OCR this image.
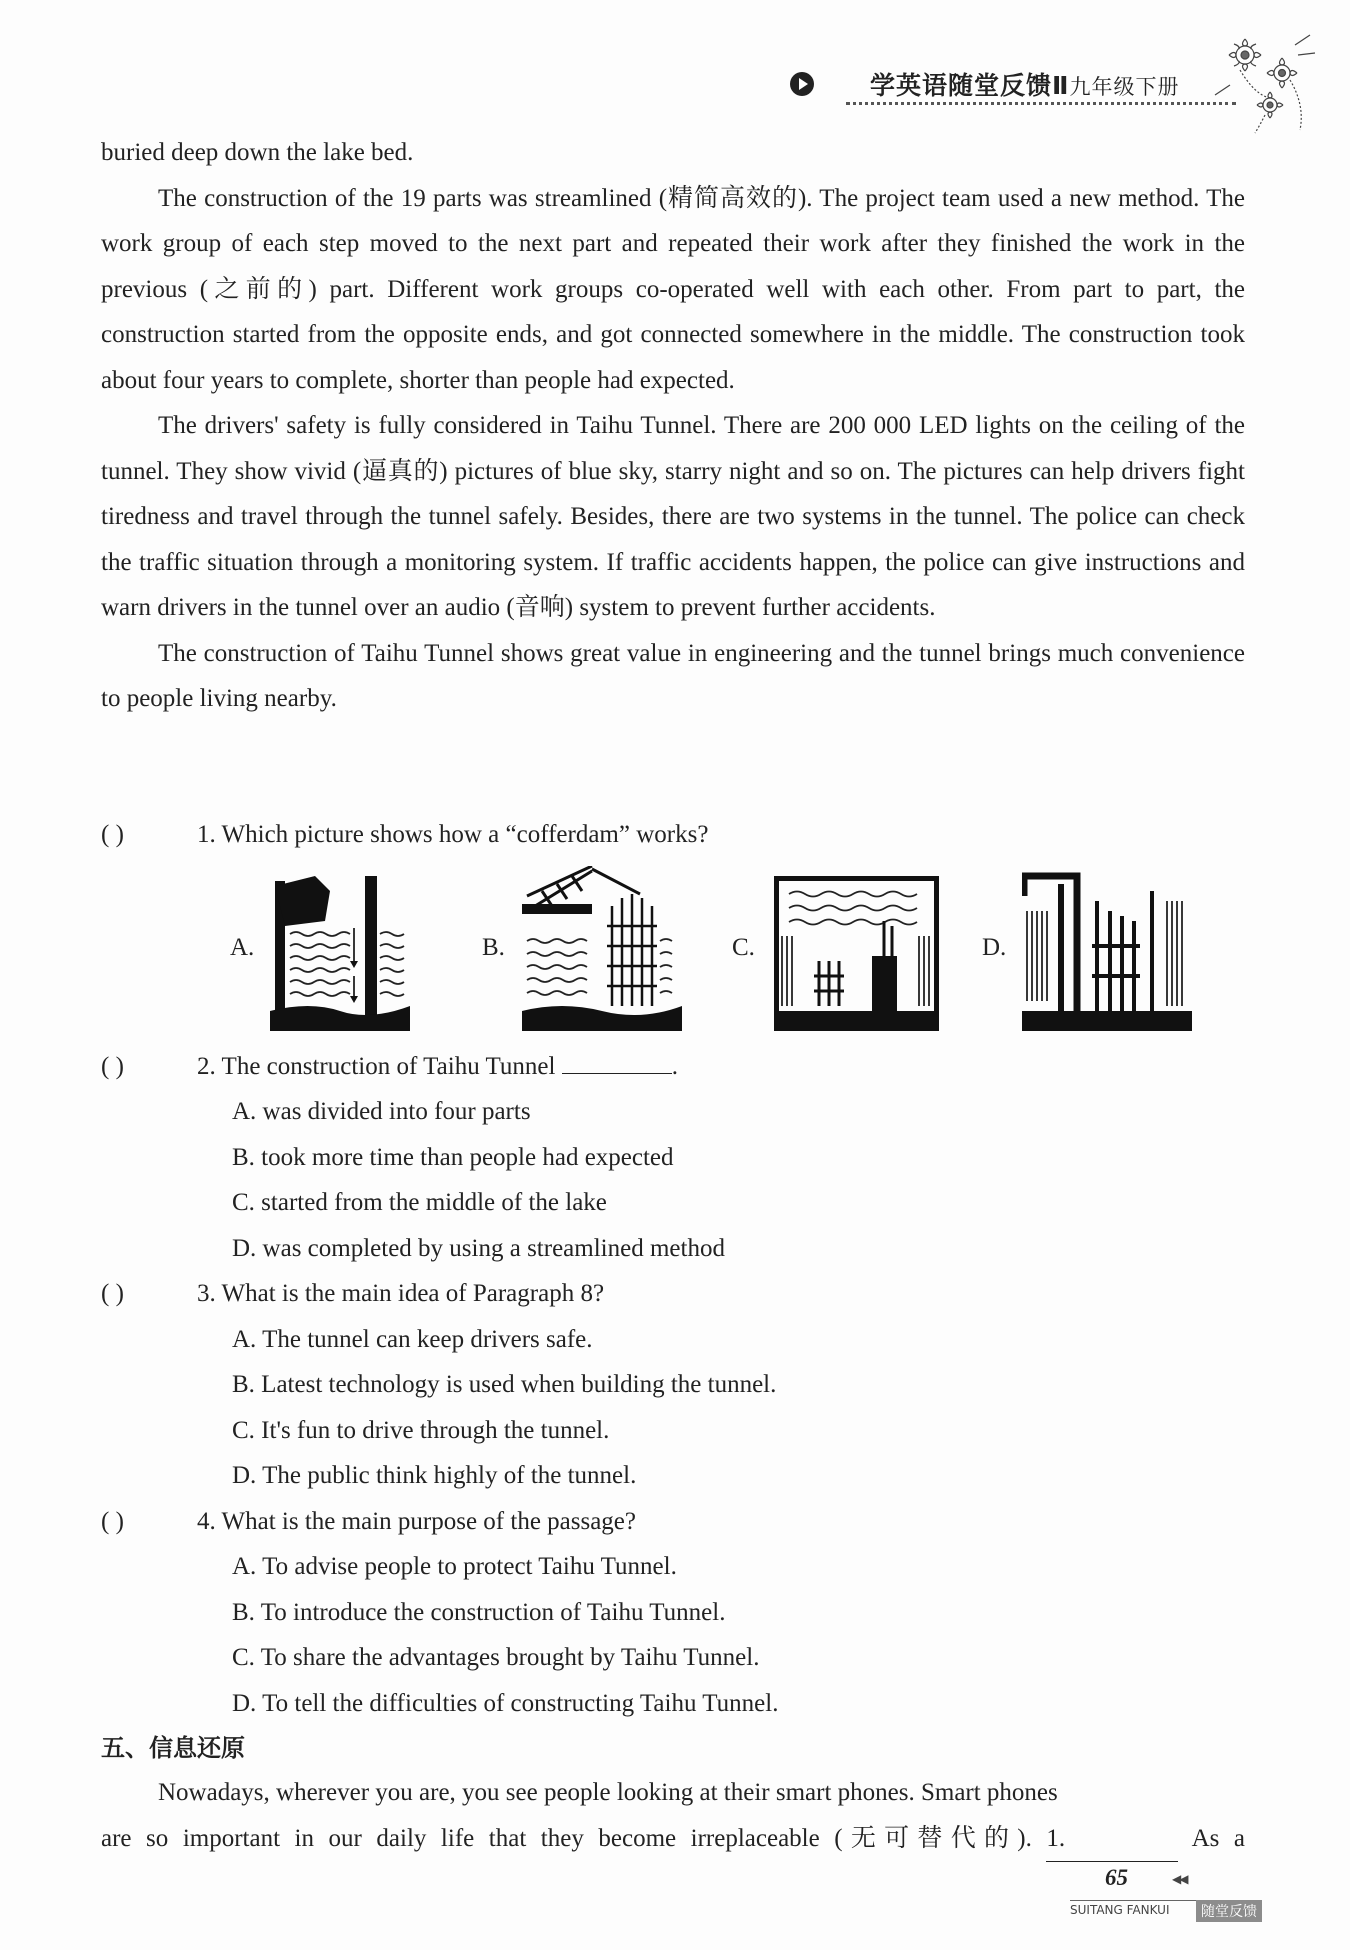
学英语随堂反馈Ⅱ九年级下册

buried deep down the lake bed.

The construction of the 19 parts was streamlined (精简高效的). The project team used a new method. The work group of each step moved to the next part and repeated their work after they finished the work in the previous (之前的) part. Different work groups co-operated well with each other. From part to part, the construction started from the opposite ends, and got connected somewhere in the middle. The construction took about four years to complete, shorter than people had expected.

The drivers' safety is fully considered in Taihu Tunnel. There are 200 000 LED lights on the ceiling of the tunnel. They show vivid (逼真的) pictures of blue sky, starry night and so on. The pictures can help drivers fight tiredness and travel through the tunnel safely. Besides, there are two systems in the tunnel. The police can check the traffic situation through a monitoring system. If traffic accidents happen, the police can give instructions and warn drivers in the tunnel over an audio (音响) system to prevent further accidents.

The construction of Taihu Tunnel shows great value in engineering and the tunnel brings much convenience to people living nearby.

( )	1. Which picture shows how a “cofferdam” works?
A.	B.	C.	D.
( )	2. The construction of Taihu Tunnel	.
A. was divided into four parts
B. took more time than people had expected
C. started from the middle of the lake
D. was completed by using a streamlined method
( )	3. What is the main idea of Paragraph 8?
A. The tunnel can keep drivers safe.
B. Latest technology is used when building the tunnel.
C. It's fun to drive through the tunnel.
D. The public think highly of the tunnel.
( )	4. What is the main purpose of the passage?
A. To advise people to protect Taihu Tunnel.
B. To introduce the construction of Taihu Tunnel.
C. To share the advantages brought by Taihu Tunnel.
D. To tell the difficulties of constructing Taihu Tunnel.
五、信息还原

Nowadays, wherever you are, you see people looking at their smart phones. Smart phones

are so important in our daily life that they become irreplaceable (无可替代的). 1.	As a
65	◀◀
SUITANG FANKUI	随堂反馈
